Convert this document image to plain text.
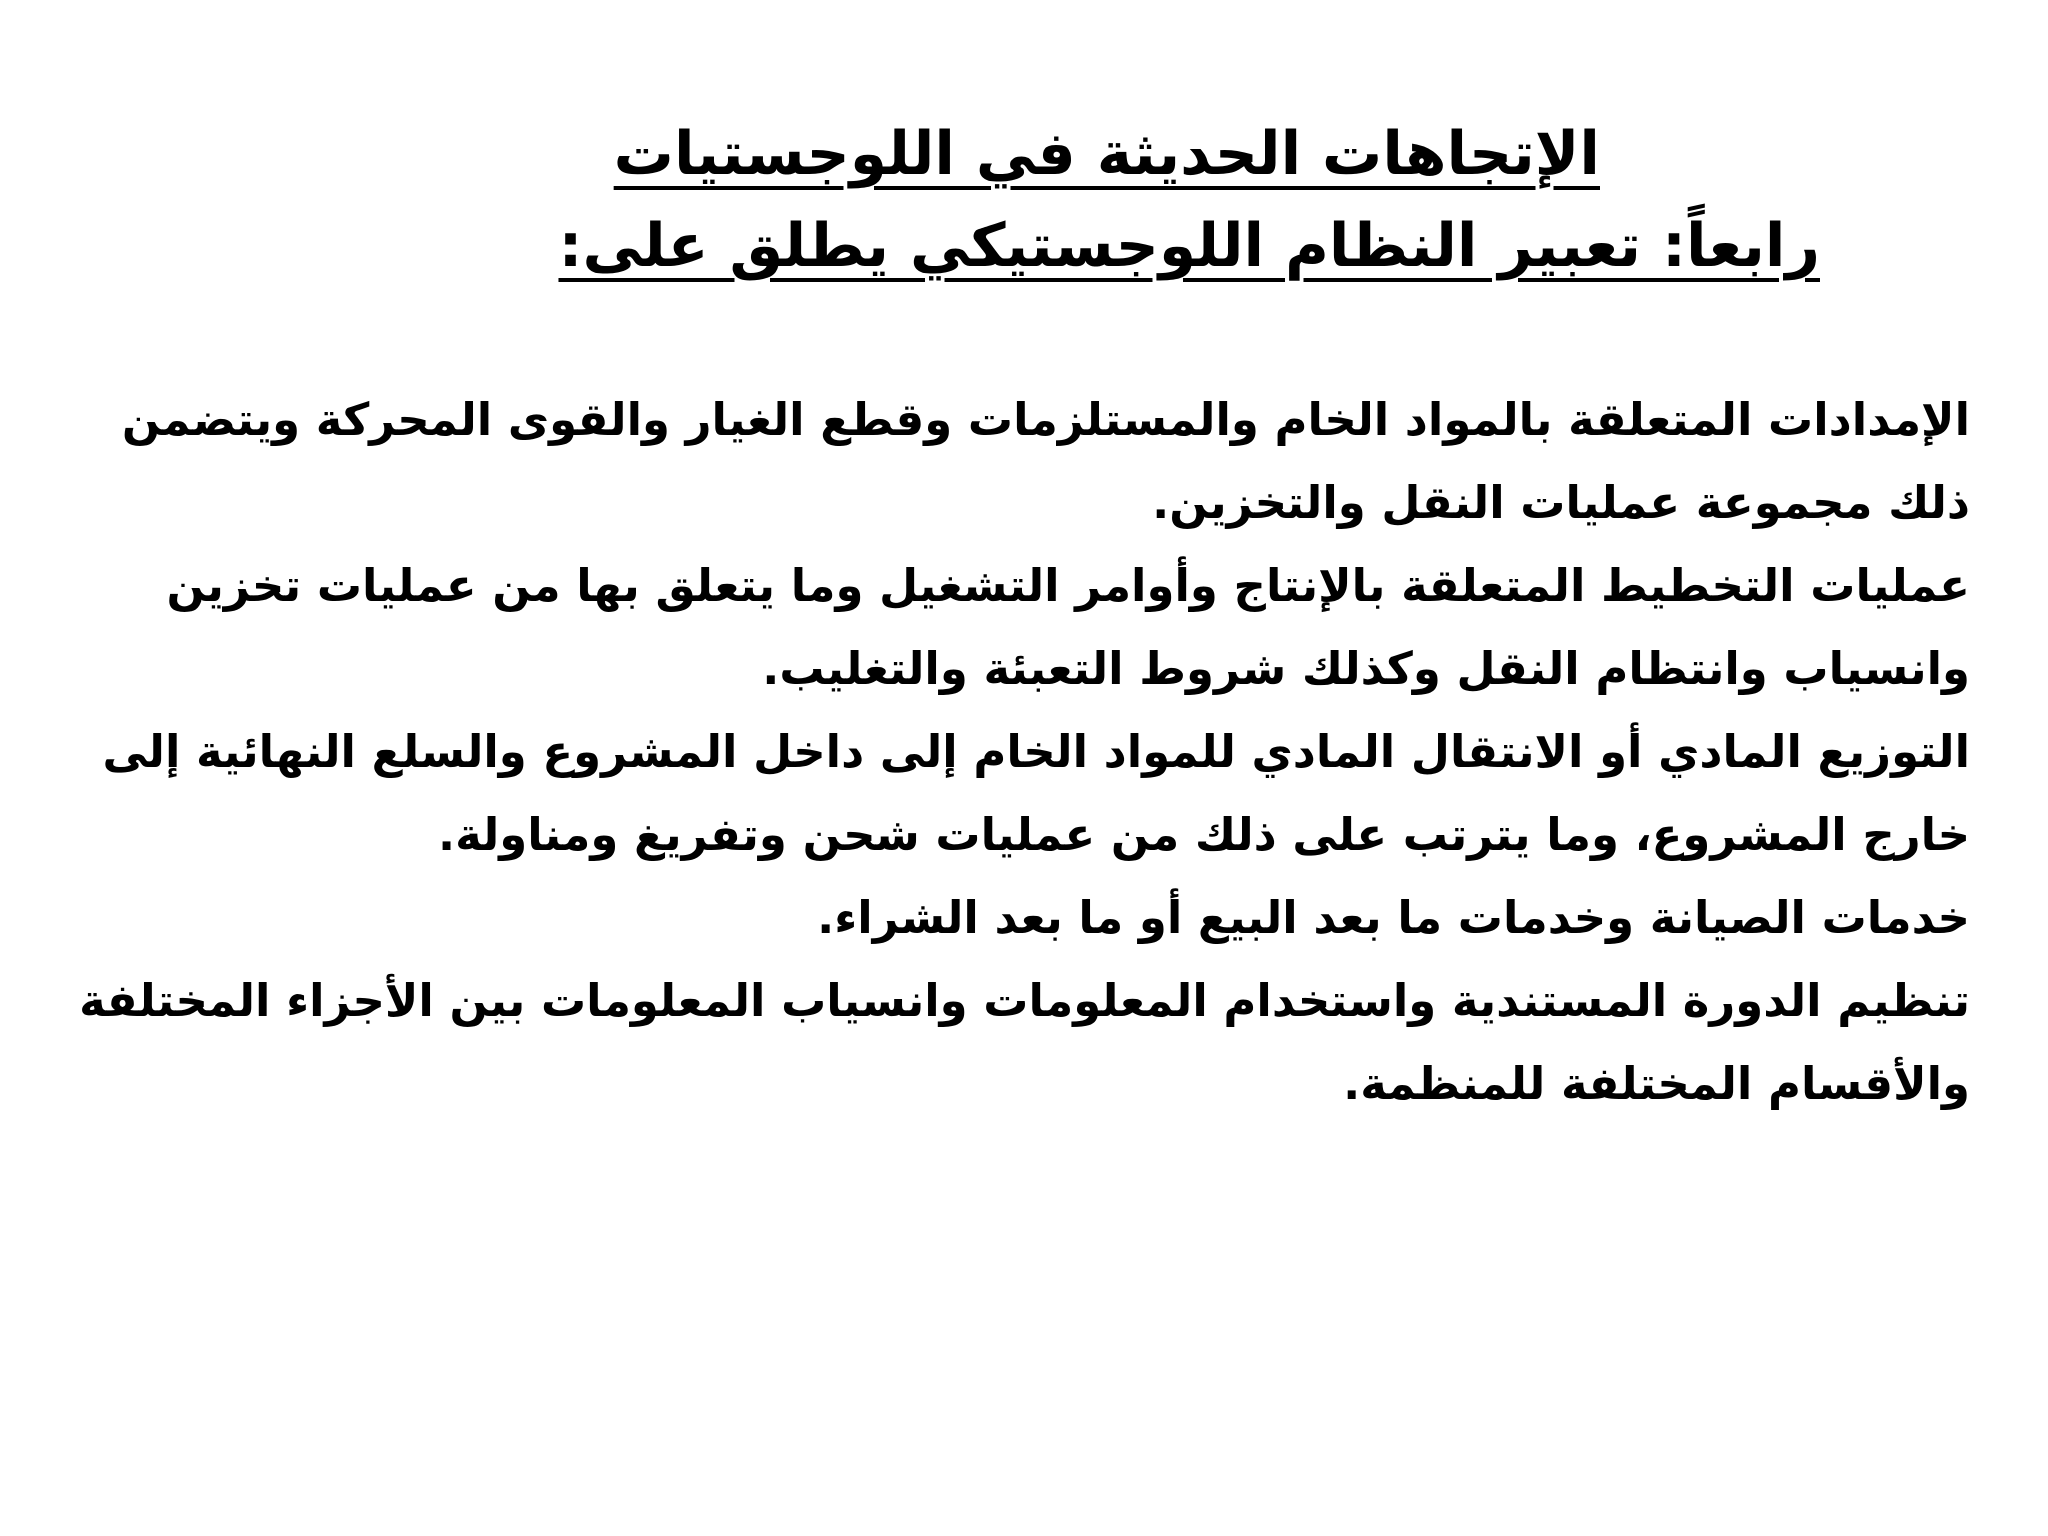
الإتجاهات الحديثة في اللوجستيات
رابعاً: تعبير النظام اللوجستيكي يطلق على:

الإمدادات المتعلقة بالمواد الخام والمستلزمات وقطع الغيار والقوى المحركة ويتضمن ذلك مجموعة عمليات النقل والتخزين.

عمليات التخطيط المتعلقة بالإنتاج وأوامر التشغيل وما يتعلق بها من عمليات تخزين وانسياب وانتظام النقل وكذلك شروط التعبئة والتغليب.

التوزيع المادي أو الانتقال المادي للمواد الخام إلى داخل المشروع والسلع النهائية إلى خارج المشروع، وما يترتب على ذلك من عمليات شحن وتفريغ ومناولة.

خدمات الصيانة وخدمات ما بعد البيع أو ما بعد الشراء.

تنظيم الدورة المستندية واستخدام المعلومات وانسياب المعلومات بين الأجزاء المختلفة والأقسام المختلفة للمنظمة.
